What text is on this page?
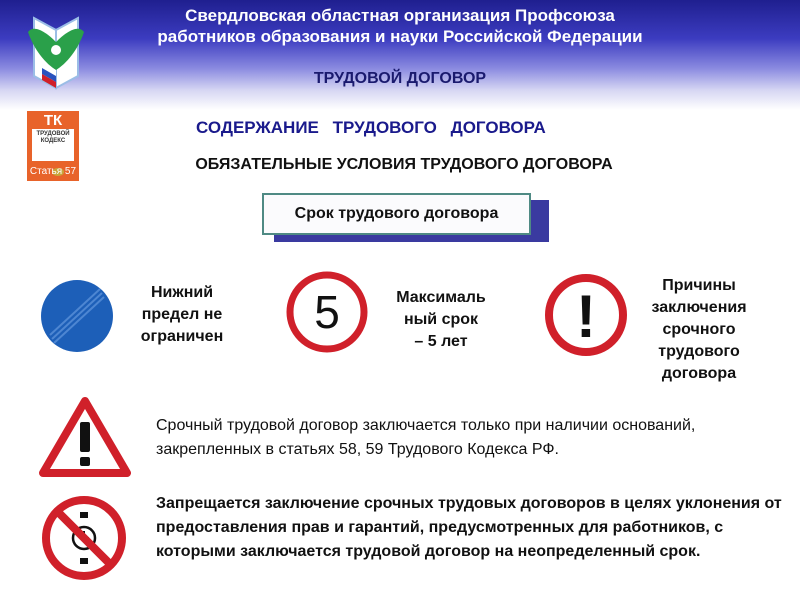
Свердловская областная организация Профсоюза
работников образования и науки Российской Федерации
ТРУДОВОЙ ДОГОВОР
ТК
ТРУДОВОЙ
КОДЕКС
Статья 57
СОДЕРЖАНИЕ ТРУДОВОГО ДОГОВОРА
ОБЯЗАТЕЛЬНЫЕ УСЛОВИЯ ТРУДОВОГО ДОГОВОРА
Срок трудового договора
Нижний
предел не
ограничен	5	Максималь
ный срок
– 5 лет	!	Причины
заключения
срочного
трудового
договора
Срочный трудовой договор заключается только при наличии оснований, закрепленных в статьях 58, 59 Трудового Кодекса РФ.
Запрещается заключение срочных трудовых договоров в целях уклонения от предоставления прав и гарантий, предусмотренных для работников, с которыми заключается трудовой договор на неопределенный срок.
